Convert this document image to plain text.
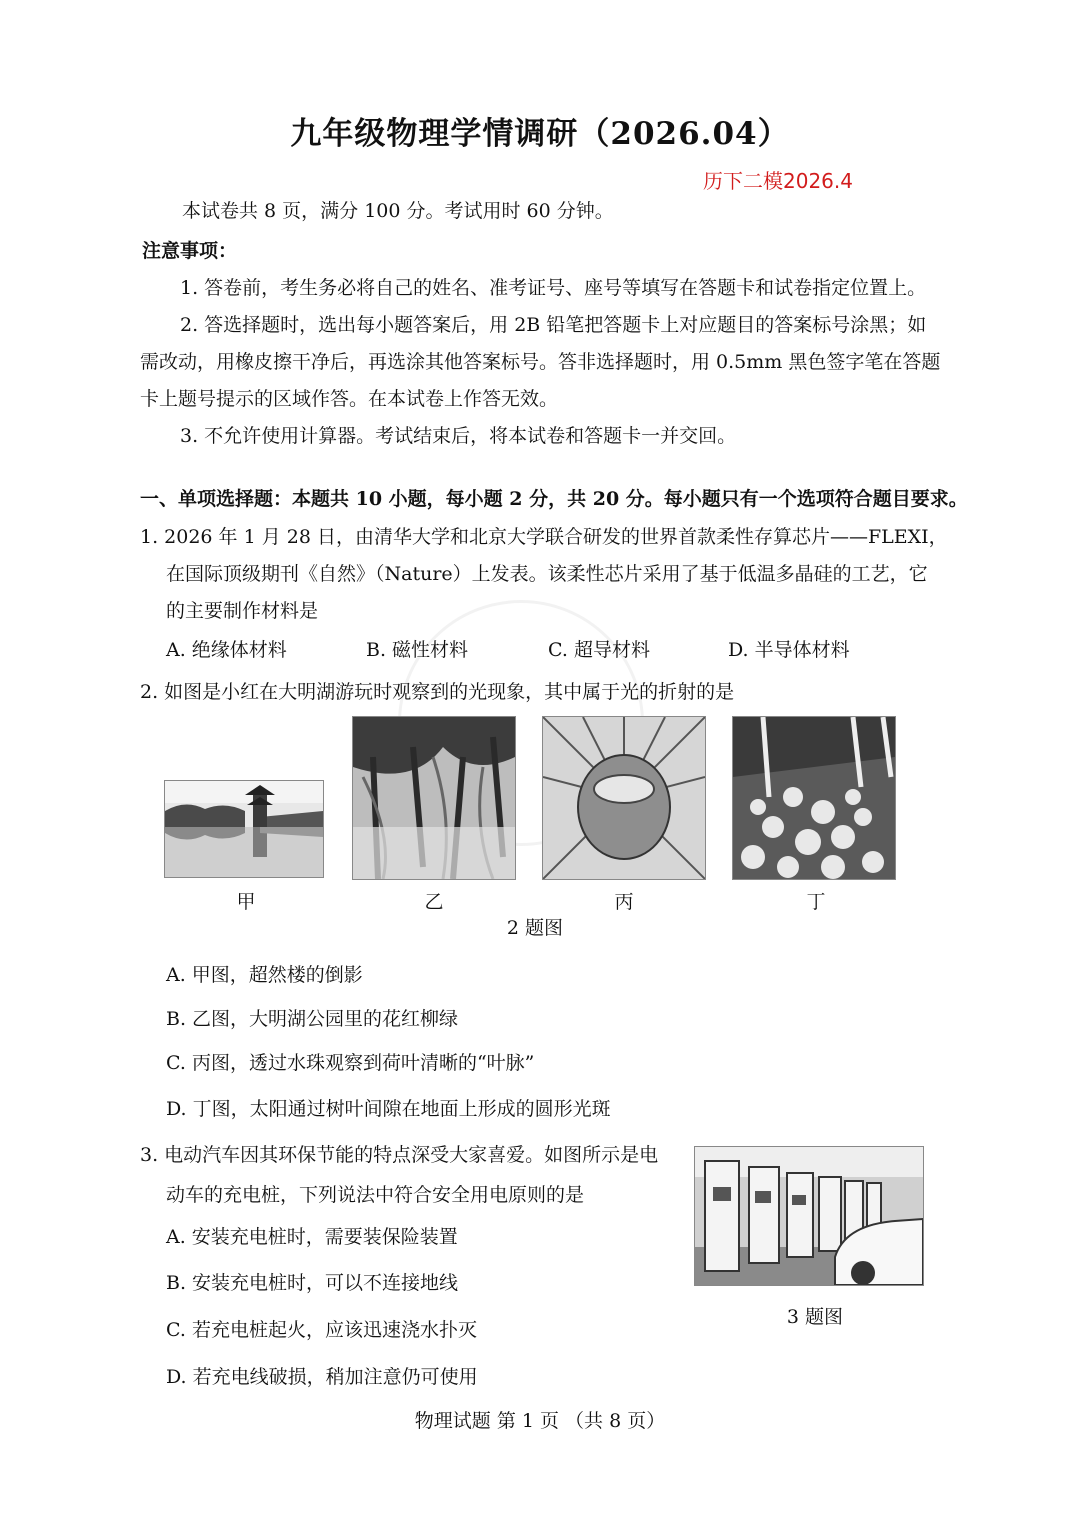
九年级物理学情调研（2026.04）
历下二模2026.4
本试卷共 8 页，满分 100 分。考试用时 60 分钟。
注意事项：
1. 答卷前，考生务必将自己的姓名、准考证号、座号等填写在答题卡和试卷指定位置上。
2. 答选择题时，选出每小题答案后，用 2B 铅笔把答题卡上对应题目的答案标号涂黑；如
需改动，用橡皮擦干净后，再选涂其他答案标号。答非选择题时，用 0.5mm 黑色签字笔在答题
卡上题号提示的区域作答。在本试卷上作答无效。
3. 不允许使用计算器。考试结束后，将本试卷和答题卡一并交回。
一、单项选择题：本题共 10 小题，每小题 2 分，共 20 分。每小题只有一个选项符合题目要求。
1. 2026 年 1 月 28 日，由清华大学和北京大学联合研发的世界首款柔性存算芯片——FLEXI，
在国际顶级期刊《自然》（Nature）上发表。该柔性芯片采用了基于低温多晶硅的工艺，它
的主要制作材料是
A. 绝缘体材料	B. 磁性材料	C. 超导材料	D. 半导体材料
2. 如图是小红在大明湖游玩时观察到的光现象，其中属于光的折射的是
甲	乙	丙	丁
2 题图
A. 甲图，超然楼的倒影
B. 乙图，大明湖公园里的花红柳绿
C. 丙图，透过水珠观察到荷叶清晰的“叶脉”
D. 丁图，太阳通过树叶间隙在地面上形成的圆形光斑
3. 电动汽车因其环保节能的特点深受大家喜爱。如图所示是电
动车的充电桩，下列说法中符合安全用电原则的是
3 题图
A. 安装充电桩时，需要装保险装置
B. 安装充电桩时，可以不连接地线
C. 若充电桩起火，应该迅速浇水扑灭
D. 若充电线破损，稍加注意仍可使用
物理试题 第 1 页 （共 8 页）
